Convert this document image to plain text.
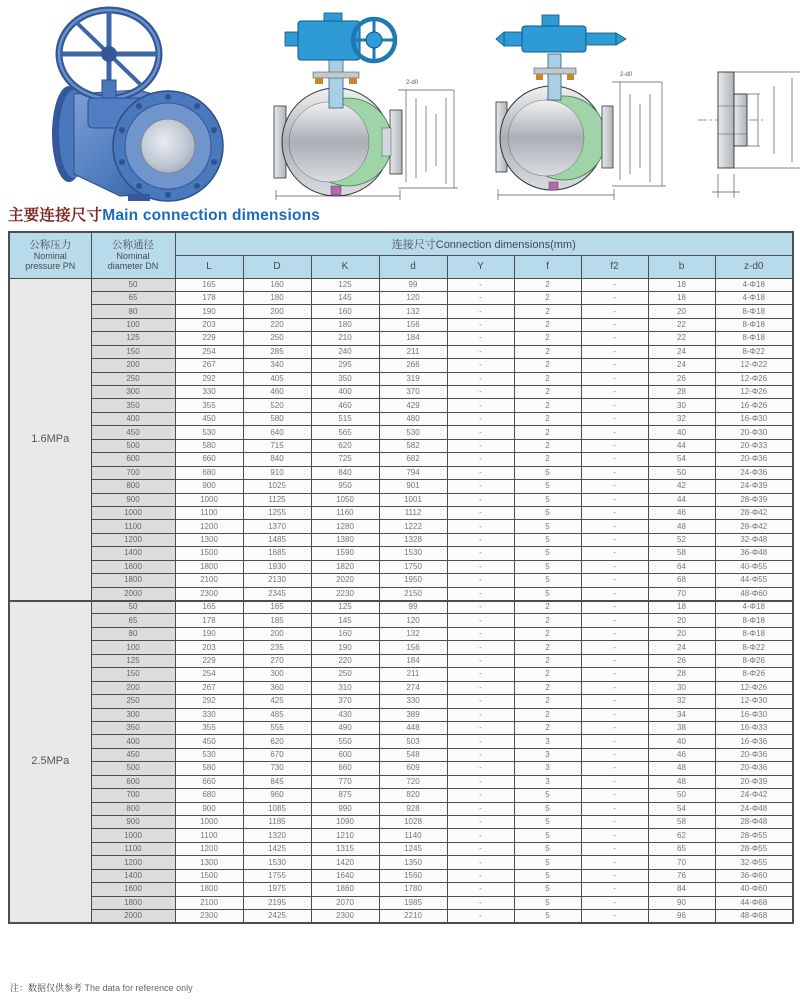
2-d0
2-d0
主要连接尺寸Main connection dimensions
公称压力
Nominal
pressure PN	公称通径
Nominal
diameter DN	连接尺寸Connection dimensions(mm)								
		L	D	K	d	Y	f	f2	b	z-d0
1.6MPa	50	165	160	125	99	-	2	-	18	4-Φ18
	65	178	180	145	120	-	2	-	18	4-Φ18
	80	190	200	160	132	-	2	-	20	8-Φ18
	100	203	220	180	156	-	2	-	22	8-Φ18
	125	229	250	210	184	-	2	-	22	8-Φ18
	150	254	285	240	211	-	2	-	24	8-Φ22
	200	267	340	295	266	-	2	-	24	12-Φ22
	250	292	405	350	319	-	2	-	26	12-Φ26
	300	330	460	400	370	-	2	-	28	12-Φ26
	350	355	520	460	429	-	2	-	30	16-Φ26
	400	450	580	515	480	-	2	-	32	16-Φ30
	450	530	640	565	530	-	2	-	40	20-Φ30
	500	580	715	620	582	-	2	-	44	20-Φ33
	600	660	840	725	682	-	2	-	54	20-Φ36
	700	680	910	840	794	-	5	-	50	24-Φ36
	800	900	1025	950	901	-	5	-	42	24-Φ39
	900	1000	1125	1050	1001	-	5	-	44	28-Φ39
	1000	1100	1255	1160	1112	-	5	-	46	28-Φ42
	1100	1200	1370	1280	1222	-	5	-	48	28-Φ42
	1200	1300	1485	1380	1328	-	5	-	52	32-Φ48
	1400	1500	1685	1590	1530	-	5	-	58	36-Φ48
	1600	1800	1930	1820	1750	-	5	-	64	40-Φ55
	1800	2100	2130	2020	1950	-	5	-	68	44-Φ55
	2000	2300	2345	2230	2150	-	5	-	70	48-Φ60
2.5MPa	50	165	165	125	99	-	2	-	18	4-Φ18
	65	178	185	145	120	-	2	-	20	8-Φ18
	80	190	200	160	132	-	2	-	20	8-Φ18
	100	203	235	190	156	-	2	-	24	8-Φ22
	125	229	270	220	184	-	2	-	26	8-Φ26
	150	254	300	250	211	-	2	-	28	8-Φ26
	200	267	360	310	274	-	2	-	30	12-Φ26
	250	292	425	370	330	-	2	-	32	12-Φ30
	300	330	485	430	389	-	2	-	34	16-Φ30
	350	355	555	490	448	-	2	-	38	16-Φ33
	400	450	620	550	503	-	3	-	40	16-Φ36
	450	530	670	600	548	-	3	-	46	20-Φ36
	500	580	730	660	609	-	3	-	48	20-Φ36
	600	660	845	770	720	-	3	-	48	20-Φ39
	700	680	960	875	820	-	5	-	50	24-Φ42
	800	900	1085	990	928	-	5	-	54	24-Φ48
	900	1000	1185	1090	1028	-	5	-	58	28-Φ48
	1000	1100	1320	1210	1140	-	5	-	62	28-Φ55
	1100	1200	1425	1315	1245	-	5	-	65	28-Φ55
	1200	1300	1530	1420	1350	-	5	-	70	32-Φ55
	1400	1500	1755	1640	1560	-	5	-	76	36-Φ60
	1600	1800	1975	1860	1780	-	5	-	84	40-Φ60
	1800	2100	2195	2070	1985	-	5	-	90	44-Φ68
	2000	2300	2425	2300	2210	-	5	-	96	48-Φ68
注：数据仅供参考 The data for reference only
